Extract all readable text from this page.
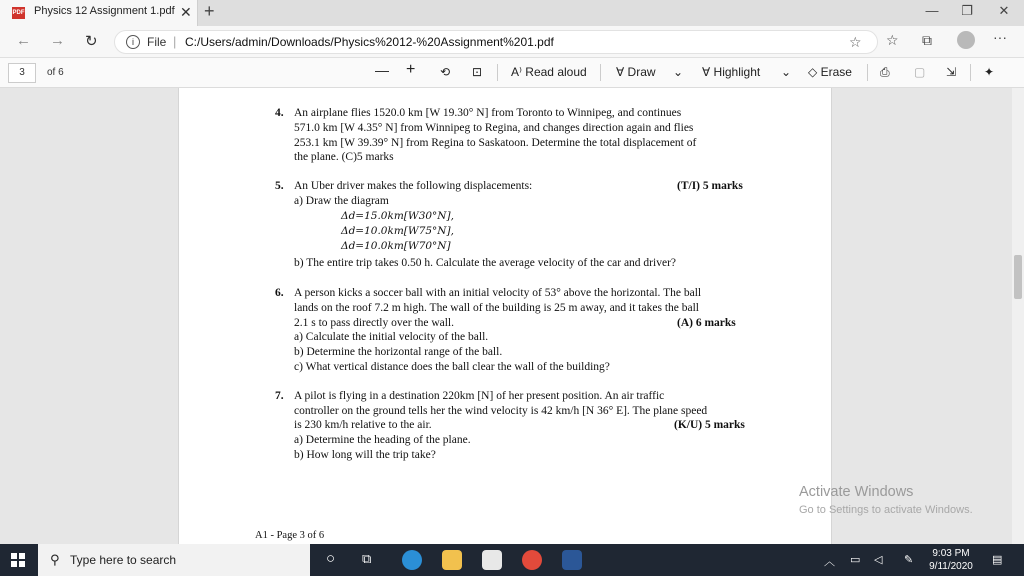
PDF Physics 12 Assignment 1.pdf ✕ +	—	❐	✕
← → ↻	i	File | C:/Users/admin/Downloads/Physics%2012-%20Assignment%201.pdf	☆ ☆ ⧉	···
3	of 6	— + ⟲ ⊡ A⁾ Read aloud ∀ Draw ⌄ ∀ Highlight ⌄ ◇ Erase ⎙ ▢ ⇲ ✦
4. An airplane flies 1520.0 km [W 19.30° N] from Toronto to Winnipeg, and continues
571.0 km [W 4.35° N] from Winnipeg to Regina, and changes direction again and flies
253.1 km [W 39.39° N] from Regina to Saskatoon. Determine the total displacement of
the plane. (C)5 marks
5. An Uber driver makes the following displacements:	(T/I) 5 marks
a) Draw the diagram
Δd=15.0km[W30°N],
Δd=10.0km[W75°N],
Δd=10.0km[W70°N]
b) The entire trip takes 0.50 h. Calculate the average velocity of the car and driver?
6. A person kicks a soccer ball with an initial velocity of 53° above the horizontal. The ball
lands on the roof 7.2 m high. The wall of the building is 25 m away, and it takes the ball
2.1 s to pass directly over the wall.	(A) 6 marks
a) Calculate the initial velocity of the ball.
b) Determine the horizontal range of the ball.
c) What vertical distance does the ball clear the wall of the building?
7. A pilot is flying in a destination 220km [N] of her present position. An air traffic
controller on the ground tells her the wind velocity is 42 km/h [N 36° E]. The plane speed
is 230 km/h relative to the air.	(K/U) 5 marks
a) Determine the heading of the plane.
b) How long will the trip take?
A1 - Page 3 of 6
Activate Windows
Go to Settings to activate Windows.
⚲ Type here to search	○ ⧉	︿ ▭ ◁ ✎
9:03 PM
9/11/2020
▤
